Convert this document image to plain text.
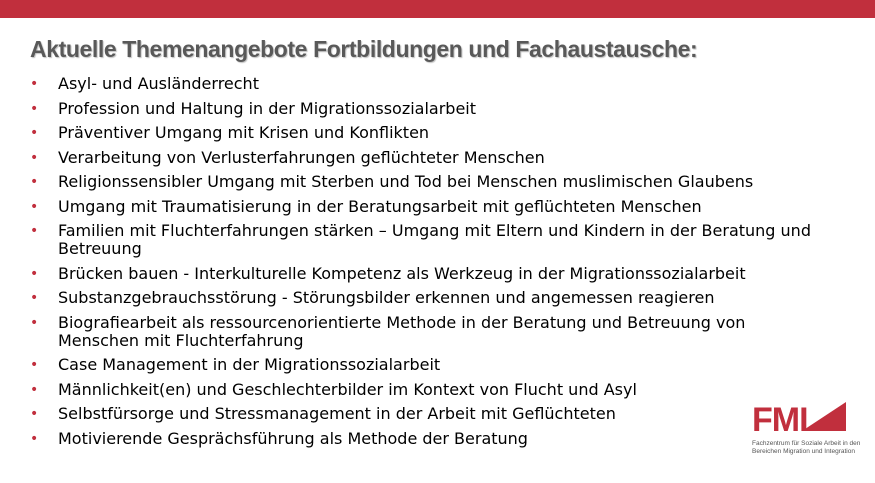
Aktuelle Themenangebote Fortbildungen und Fachaustausche:
• Asyl- und Ausländerrecht
• Profession und Haltung in der Migrationssozialarbeit
• Präventiver Umgang mit Krisen und Konflikten
• Verarbeitung von Verlusterfahrungen geflüchteter Menschen
• Religionssensibler Umgang mit Sterben und Tod bei Menschen muslimischen Glaubens
• Umgang mit Traumatisierung in der Beratungsarbeit mit geflüchteten Menschen
• Familien mit Fluchterfahrungen stärken – Umgang mit Eltern und Kindern in der Beratung und Betreuung
• Brücken bauen - Interkulturelle Kompetenz als Werkzeug in der Migrationssozialarbeit
• Substanzgebrauchsstörung - Störungsbilder erkennen und angemessen reagieren
• Biografiearbeit als ressourcenorientierte Methode in der Beratung und Betreuung von Menschen mit Fluchterfahrung
• Case Management in der Migrationssozialarbeit
• Männlichkeit(en) und Geschlechterbilder im Kontext von Flucht und Asyl
• Selbstfürsorge und Stressmanagement in der Arbeit mit Geflüchteten
• Motivierende Gesprächsführung als Methode der Beratung	FMI
Fachzentrum für Soziale Arbeit in den
Bereichen Migration und Integration
